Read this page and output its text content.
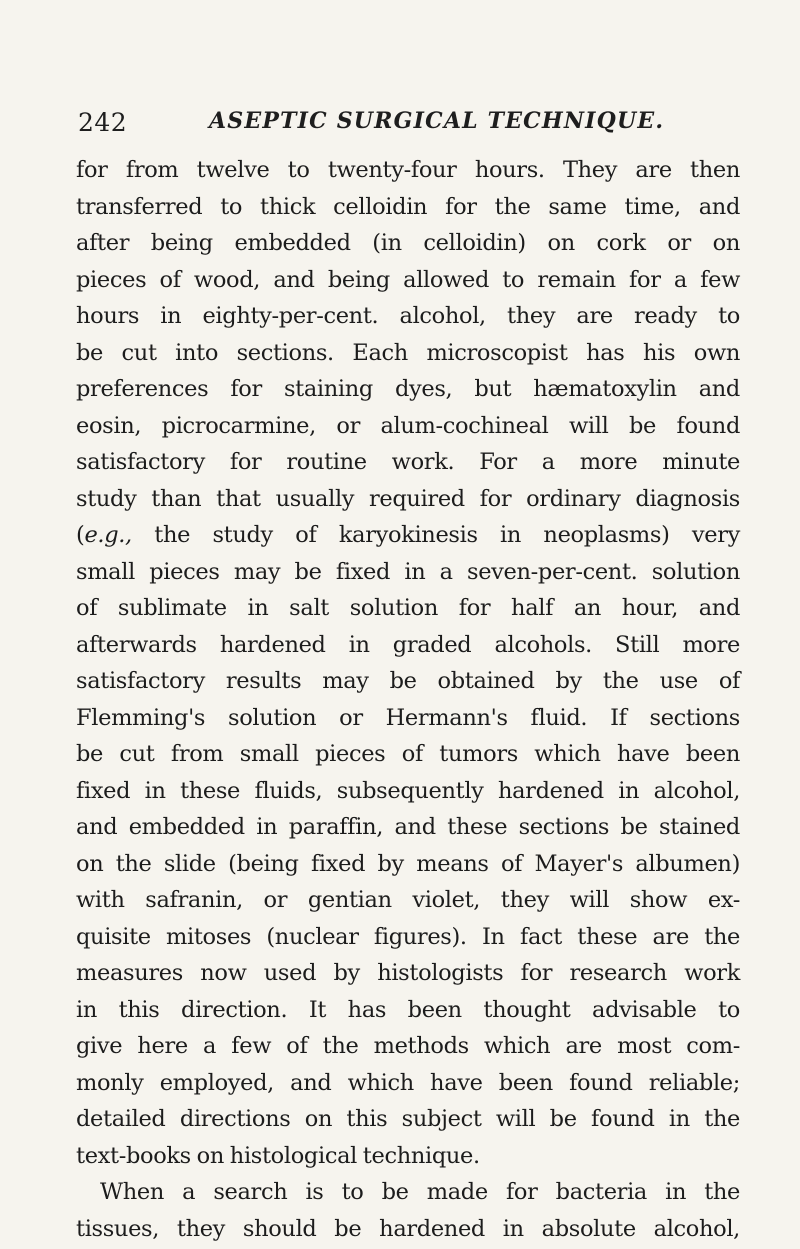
242	ASEPTIC SURGICAL TECHNIQUE.
for from twelve to twenty-four hours. They are then
transferred to thick celloidin for the same time, and
after being embedded (in celloidin) on cork or on
pieces of wood, and being allowed to remain for a few
hours in eighty-per-cent. alcohol, they are ready to
be cut into sections. Each microscopist has his own
preferences for staining dyes, but hæmatoxylin and
eosin, picrocarmine, or alum-cochineal will be found
satisfactory for routine work. For a more minute
study than that usually required for ordinary diagnosis
(e.g., the study of karyokinesis in neoplasms) very
small pieces may be fixed in a seven-per-cent. solution
of sublimate in salt solution for half an hour, and
afterwards hardened in graded alcohols. Still more
satisfactory results may be obtained by the use of
Flemming's solution or Hermann's fluid. If sections
be cut from small pieces of tumors which have been
fixed in these fluids, subsequently hardened in alcohol,
and embedded in paraffin, and these sections be stained
on the slide (being fixed by means of Mayer's albumen)
with safranin, or gentian violet, they will show ex-
quisite mitoses (nuclear figures). In fact these are the
measures now used by histologists for research work
in this direction. It has been thought advisable to
give here a few of the methods which are most com-
monly employed, and which have been found reliable;
detailed directions on this subject will be found in the
text-books on histological technique.
When a search is to be made for bacteria in the
tissues, they should be hardened in absolute alcohol,
